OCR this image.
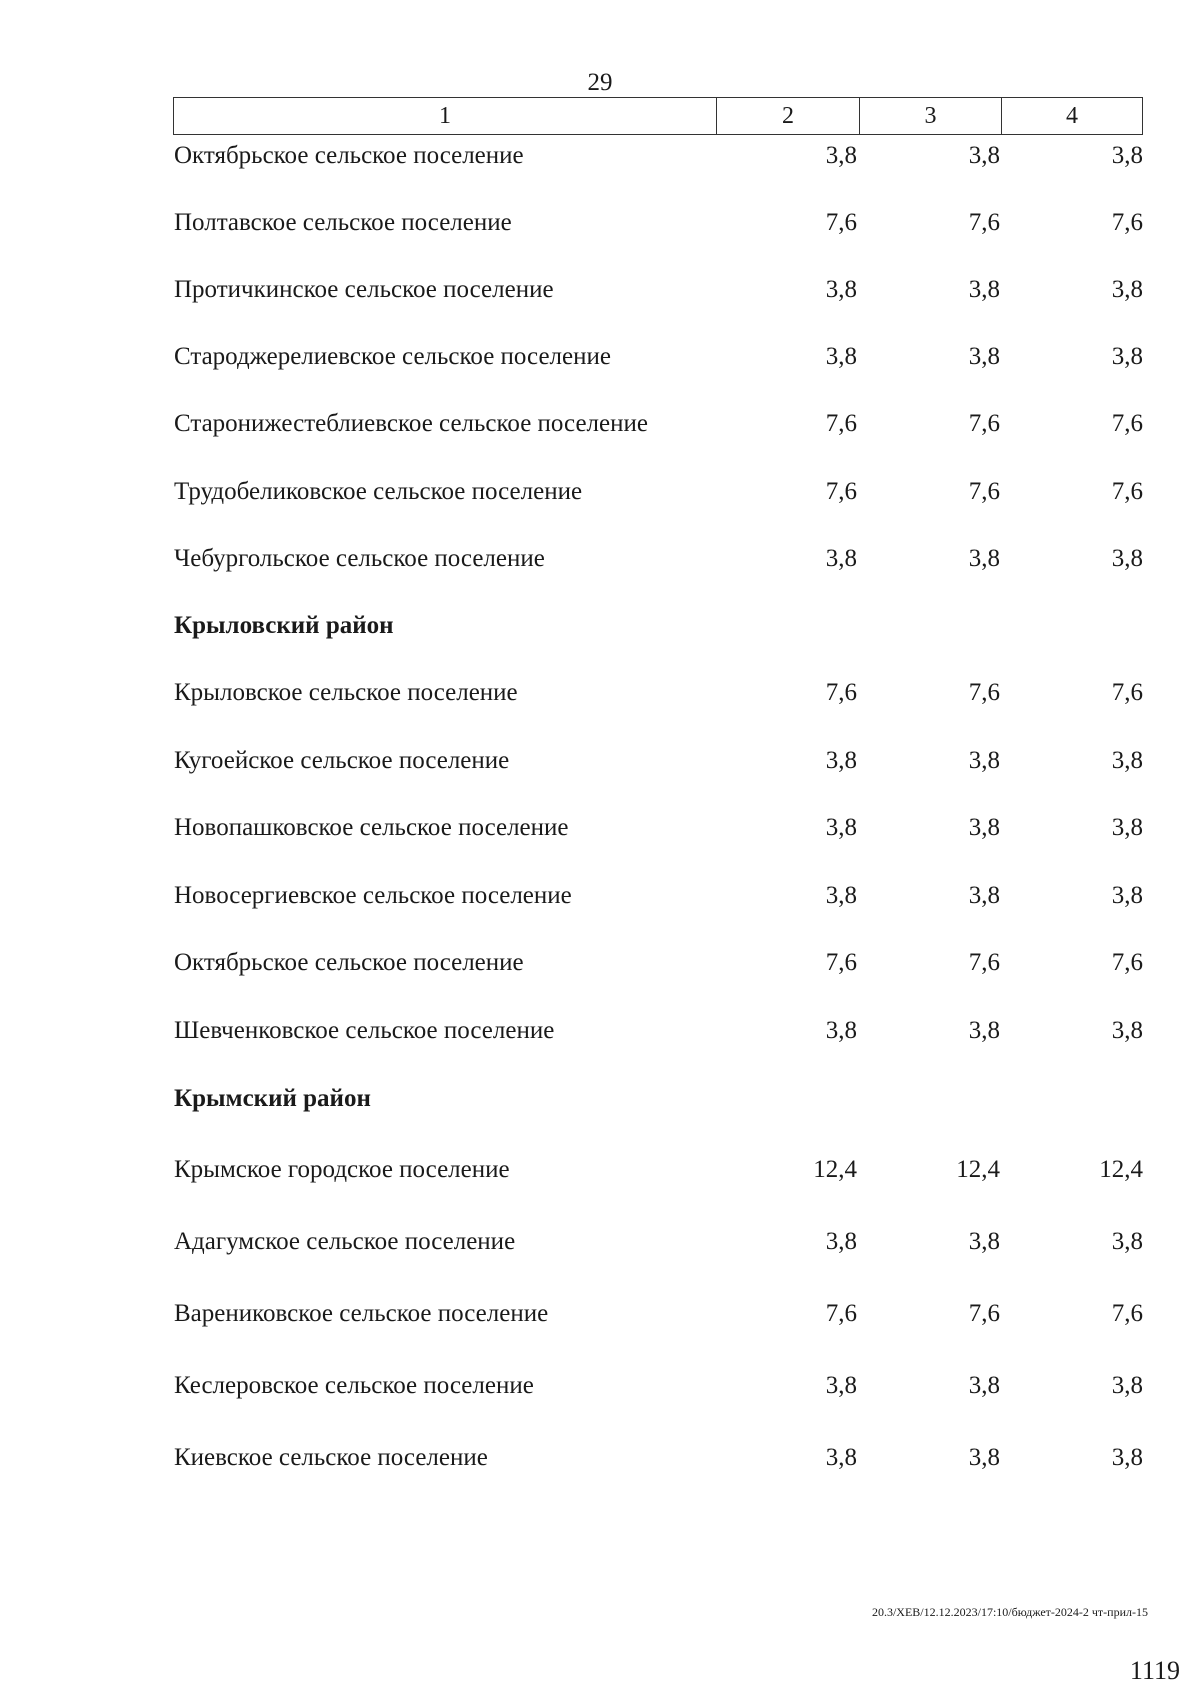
29
1	2	3	4
Октябрьское сельское поселение	3,8	3,8	3,8
Полтавское сельское поселение	7,6	7,6	7,6
Протичкинское сельское поселение	3,8	3,8	3,8
Староджерелиевское сельское поселение	3,8	3,8	3,8
Старонижестеблиевское сельское поселение	7,6	7,6	7,6
Трудобеликовское сельское поселение	7,6	7,6	7,6
Чебургольское сельское поселение	3,8	3,8	3,8
Крыловский район
Крыловское сельское поселение	7,6	7,6	7,6
Кугоейское сельское поселение	3,8	3,8	3,8
Новопашковское сельское поселение	3,8	3,8	3,8
Новосергиевское сельское поселение	3,8	3,8	3,8
Октябрьское сельское поселение	7,6	7,6	7,6
Шевченковское сельское поселение	3,8	3,8	3,8
Крымский район
Крымское городское поселение	12,4	12,4	12,4
Адагумское сельское поселение	3,8	3,8	3,8
Варениковское сельское поселение	7,6	7,6	7,6
Кеслеровское сельское поселение	3,8	3,8	3,8
Киевское сельское поселение	3,8	3,8	3,8
20.3/ХЕВ/12.12.2023/17:10/бюджет-2024-2 чт-прил-15
1119
